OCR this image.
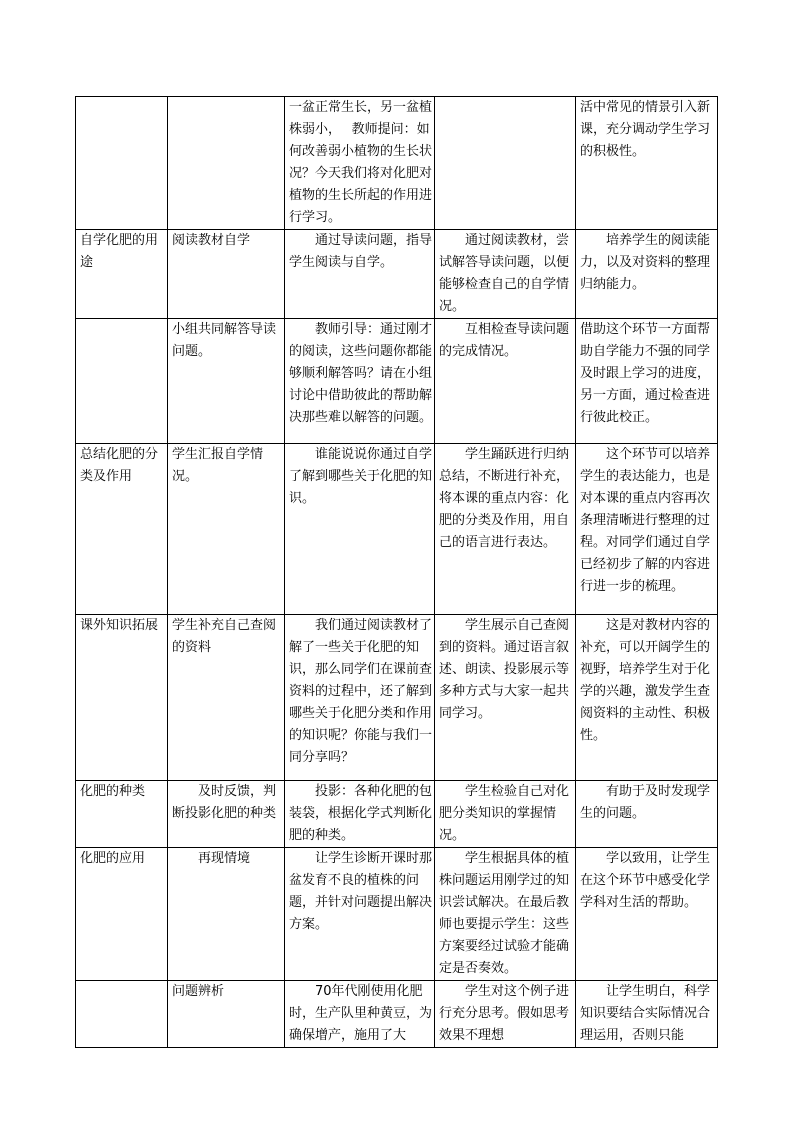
		一盆正常生长，另一盆植株弱小，　 教师提问：如何改善弱小植物的生长状况？今天我们将对化肥对植物的生长所起的作用进行学习。		活中常见的情景引入新课，充分调动学生学习的积极性。
自学化肥的用途	阅读教材自学	通过导读问题，指导学生阅读与自学。	通过阅读教材，尝试解答导读问题，以便能够检查自己的自学情况。	培养学生的阅读能力，以及对资料的整理归纳能力。
	小组共同解答导读问题。	教师引导：通过刚才的阅读，这些问题你都能够顺利解答吗？请在小组讨论中借助彼此的帮助解决那些难以解答的问题。	互相检查导读问题的完成情况。	借助这个环节一方面帮助自学能力不强的同学及时跟上学习的进度，另一方面，通过检查进行彼此校正。
总结化肥的分类及作用	学生汇报自学情况。	谁能说说你通过自学了解到哪些关于化肥的知识。	学生踊跃进行归纳总结，不断进行补充，将本课的重点内容：化肥的分类及作用，用自己的语言进行表达。	这个环节可以培养学生的表达能力，也是对本课的重点内容再次条理清晰进行整理的过程。对同学们通过自学已经初步了解的内容进行进一步的梳理。
课外知识拓展	学生补充自己查阅的资料	我们通过阅读教材了解了一些关于化肥的知识，那么同学们在课前查资料的过程中，还了解到哪些关于化肥分类和作用的知识呢？你能与我们一同分享吗？	学生展示自己查阅到的资料。通过语言叙述、朗读、投影展示等多种方式与大家一起共同学习。	这是对教材内容的补充，可以开阔学生的视野，培养学生对于化学的兴趣，激发学生查阅资料的主动性、积极性。
化肥的种类	及时反馈，判断投影化肥的种类	投影：各种化肥的包装袋，根据化学式判断化肥的种类。	学生检验自己对化肥分类知识的掌握情况。	有助于及时发现学生的问题。
化肥的应用	再现情境	让学生诊断开课时那盆发育不良的植株的问题，并针对问题提出解决方案。	学生根据具体的植株问题运用刚学过的知识尝试解决。在最后教师也要提示学生：这些方案要经过试验才能确定是否奏效。	学以致用，让学生在这个环节中感受化学学科对生活的帮助。
	问题辨析	70年代刚使用化肥时，生产队里种黄豆，为确保增产，施用了大	学生对这个例子进行充分思考。假如思考效果不理想	让学生明白，科学知识要结合实际情况合理运用，否则只能
